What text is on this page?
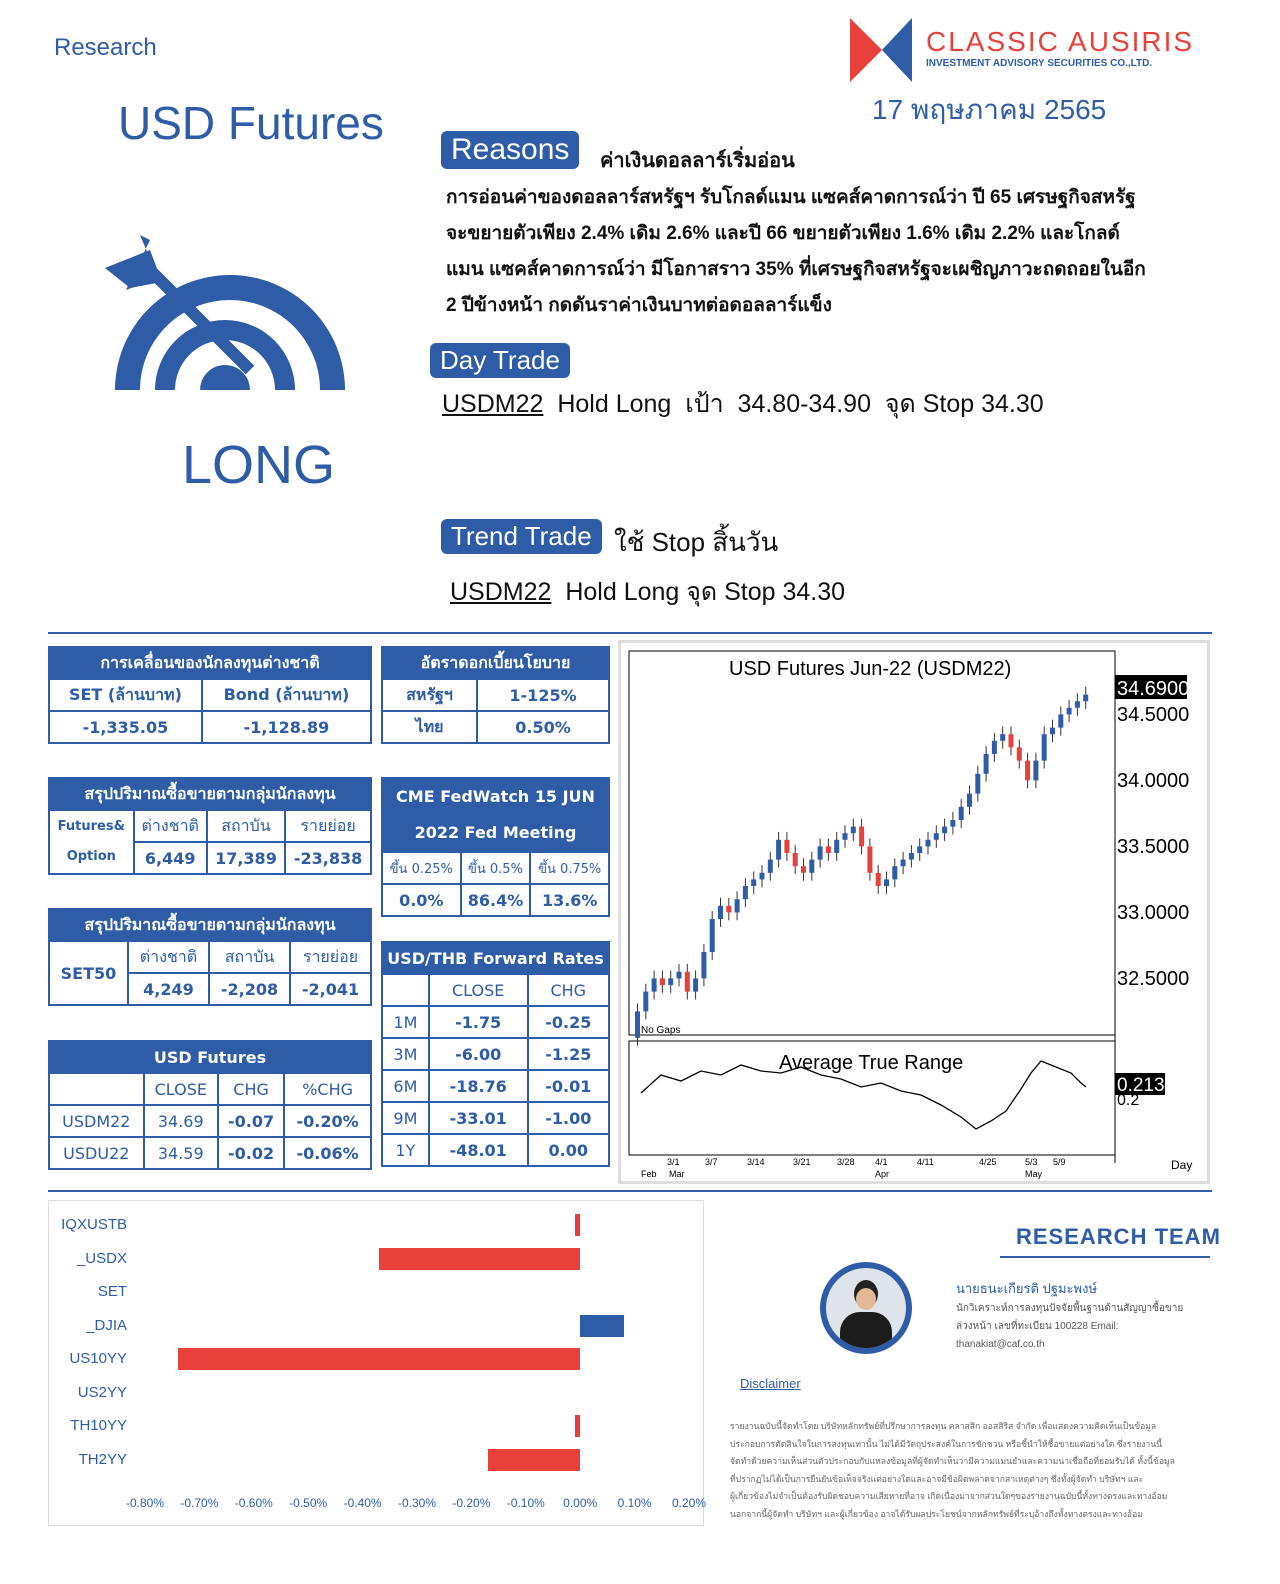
Research
USD Futures
CLASSIC AUSIRIS
INVESTMENT ADVISORY SECURITIES CO.,LTD.
17 พฤษภาคม 2565
LONG
Reasons	ค่าเงินดอลลาร์เริ่มอ่อน
การอ่อนค่าของดอลลาร์สหรัฐฯ รับโกลด์แมน แซคส์คาดการณ์ว่า ปี 65 เศรษฐกิจสหรัฐ
จะขยายตัวเพียง 2.4% เดิม 2.6% และปี 66 ขยายตัวเพียง 1.6% เดิม 2.2% และโกลด์
แมน แซคส์คาดการณ์ว่า มีโอกาสราว 35% ที่เศรษฐกิจสหรัฐจะเผชิญภาวะถดถอยในอีก
2 ปีข้างหน้า กดดันราค่าเงินบาทต่อดอลลาร์แข็ง
Day Trade
USDM22 Hold Long  เป้า  34.80-34.90  จุด Stop 34.30
Trend Trade ใช้ Stop สิ้นวัน
USDM22 Hold Long จุด Stop 34.30
การเคลื่อนของนักลงทุนต่างชาติ	
SET (ล้านบาท)	Bond (ล้านบาท)
-1,335.05	-1,128.89
อัตราดอกเบี้ยนโยบาย	
สหรัฐฯ	1-125%
ไทย	0.50%
สรุปปริมาณซื้อขายตามกลุ่มนักลงทุน			

Futures&
Option	ต่างชาติ	สถาบัน	รายย่อย
	6,449	17,389	-23,838
CME FedWatch 15 JUN
2022 Fed Meeting		

ขึ้น 0.25%	ขึ้น 0.5%	ขึ้น 0.75%
0.0%	86.4%	13.6%
สรุปปริมาณซื้อขายตามกลุ่มนักลงทุน			
SET50	ต่างชาติ	สถาบัน	รายย่อย
	4,249	-2,208	-2,041
USD Futures			
	CLOSE	CHG	%CHG
USDM22	34.69	-0.07	-0.20%
USDU22	34.59	-0.02	-0.06%
USD/THB Forward Rates		
	CLOSE	CHG
1M	-1.75	-0.25
3M	-6.00	-1.25
6M	-18.76	-0.01
9M	-33.01	-1.00
1Y	-48.01	0.00
USD Futures Jun-22 (USDM22)
No Gaps
34.6900
34.5000
34.0000
33.5000
33.0000
32.5000
Average True Range
0.213
0.2
3/1	3/7	3/14	3/21	3/28 4/1	4/11	4/25	5/3 5/9
Feb Mar	Apr	May
Day
IQXUSTB
_USDX
SET
_DJIA
US10YY
US2YY
TH10YY
TH2YY
-0.80%	-0.70%	-0.60%	-0.50%	-0.40%	-0.30%	-0.20%	-0.10%	0.00%	0.10%	0.20%
RESEARCH TEAM
นายธนะเกียรติ ปฐมะพงษ์
นักวิเคราะห์การลงทุนปัจจัยพื้นฐานด้านสัญญาซื้อขาย
ล่วงหน้า เลขที่ทะเบียน 100228 Email:
thanakiat@caf.co.th
Disclaimer
รายงานฉบับนี้จัดทำโดย บริษัทหลักทรัพย์ที่ปรึกษาการลงทุน คลาสสิก ออสสิริส จำกัด เพื่อแสดงความคิดเห็นเป็นข้อมูล
ประกอบการตัดสินใจในการลงทุนเท่านั้น ไม่ได้มีวัตถุประสงค์ในการชักชวน หรือชี้นำให้ซื้อขายแต่อย่างใด ซึ่งรายงานนี้
จัดทำด้วยความเห็นส่วนตัวประกอบกับแหล่งข้อมูลที่ผู้จัดทำเห็นว่ามีความแม่นยำและความน่าเชื่อถือที่ยอมรับได้ ทั้งนี้ข้อมูล
ที่ปรากฏไม่ได้เป็นการยืนยันข้อเท็จจริงแต่อย่างใดและอาจมีข้อผิดพลาดจากสาเหตุต่างๆ ซึ่งทั้งผู้จัดทำ บริษัทฯ และ
ผู้เกี่ยวข้องไม่จำเป็นต้องรับผิดชอบความเสียหายที่อาจ เกิดเนื่องมาจากส่วนใดๆของรายงานฉบับนี้ทั้งทางตรงและทางอ้อม
นอกจากนี้ผู้จัดทำ บริษัทฯ และผู้เกี่ยวข้อง อาจได้รับผลประโยชน์จากหลักทรัพย์ที่ระบุอ้างถึงทั้งทางตรงและทางอ้อม
